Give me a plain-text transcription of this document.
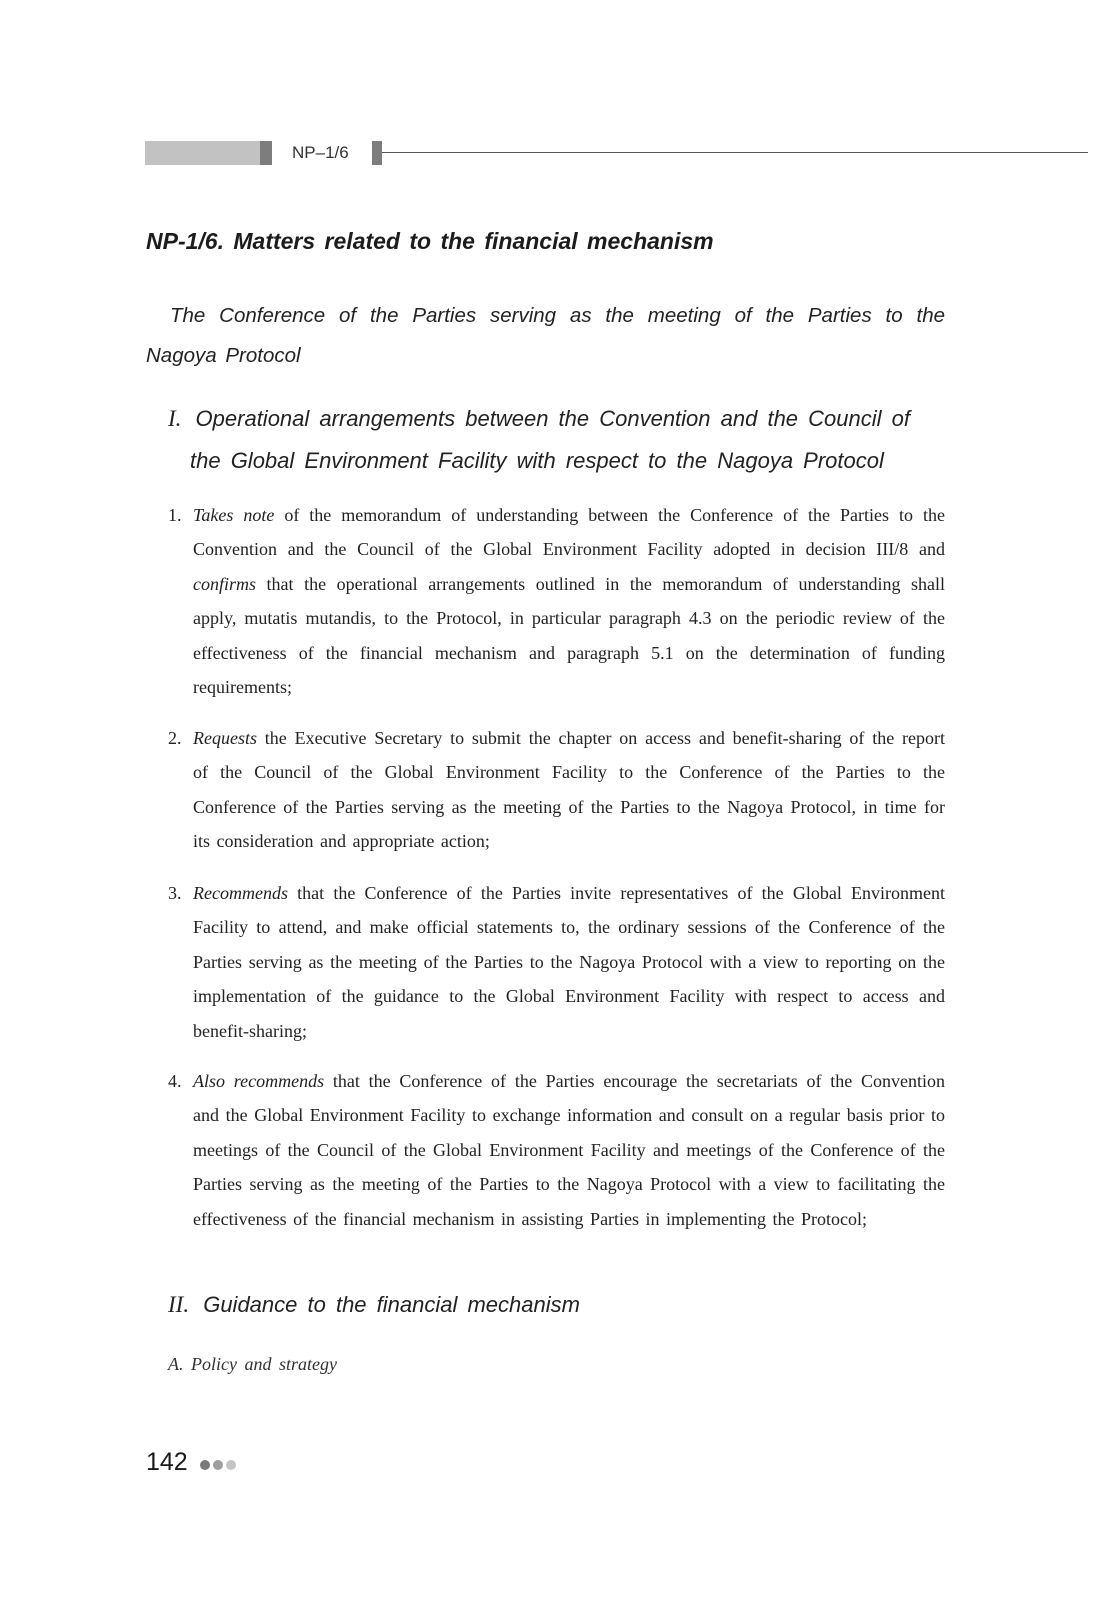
NP–1/6
NP-1/6. Matters related to the financial mechanism
The Conference of the Parties serving as the meeting of the Parties to the Nagoya Protocol
I. Operational arrangements between the Convention and the Council of
the Global Environment Facility with respect to the Nagoya Protocol
1. Takes note of the memorandum of understanding between the Conference of the Parties to the Convention and the Council of the Global Environment Facility adopted in decision III/8 and confirms that the operational arrangements outlined in the memorandum of understanding shall apply, mutatis mutandis, to the Protocol, in particular paragraph 4.3 on the periodic review of the effectiveness of the financial mechanism and paragraph 5.1 on the determination of funding requirements;
2. Requests the Executive Secretary to submit the chapter on access and benefit-sharing of the report of the Council of the Global Environment Facility to the Conference of the Parties to the Conference of the Parties serving as the meeting of the Parties to the Nagoya Protocol, in time for its consideration and appropriate action;
3. Recommends that the Conference of the Parties invite representatives of the Global Environment Facility to attend, and make official statements to, the ordinary sessions of the Conference of the Parties serving as the meeting of the Parties to the Nagoya Protocol with a view to reporting on the implementation of the guidance to the Global Environment Facility with respect to access and benefit-sharing;
4. Also recommends that the Conference of the Parties encourage the secretariats of the Convention and the Global Environment Facility to exchange information and consult on a regular basis prior to meetings of the Council of the Global Environment Facility and meetings of the Conference of the Parties serving as the meeting of the Parties to the Nagoya Protocol with a view to facilitating the effectiveness of the financial mechanism in assisting Parties in implementing the Protocol;
II. Guidance to the financial mechanism
A. Policy and strategy
142
